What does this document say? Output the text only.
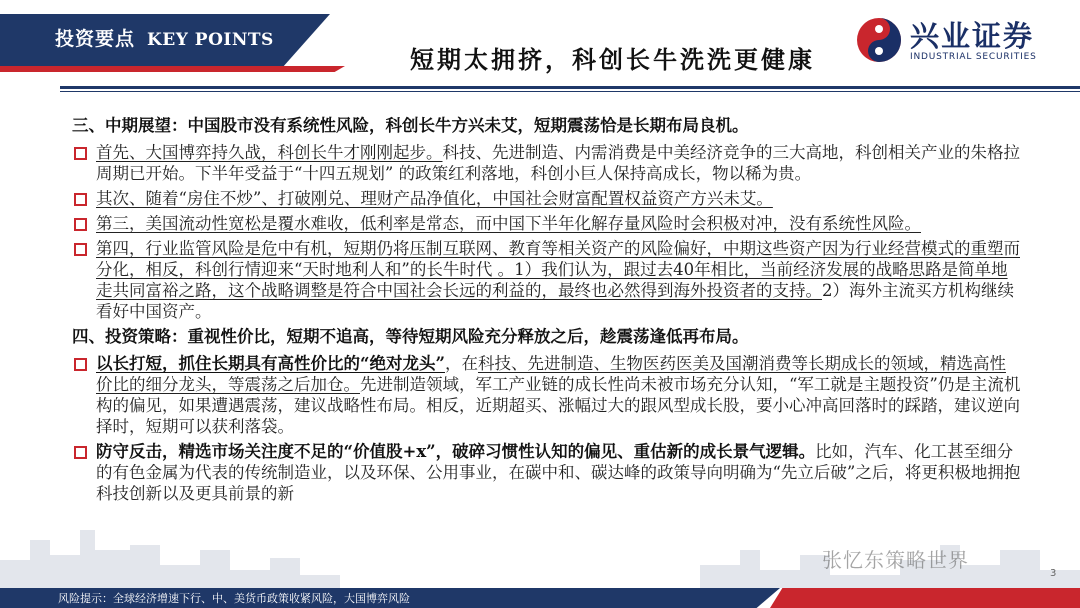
投资要点 KEY POINTS
短期太拥挤，科创长牛洗洗更健康
兴业证券
INDUSTRIAL SECURITIES
三、中期展望：中国股市没有系统性风险，科创长牛方兴未艾，短期震荡恰是长期布局良机。
首先、大国博弈持久战，科创长牛才刚刚起步。科技、先进制造、内需消费是中美经济竞争的三大高地，科创相关产业的朱格拉周期已开始。下半年受益于“十四五规划” 的政策红利落地，科创小巨人保持高成长，物以稀为贵。
其次、随着“房住不炒”、打破刚兑、理财产品净值化，中国社会财富配置权益资产方兴未艾。
第三，美国流动性宽松是覆水难收，低利率是常态，而中国下半年化解存量风险时会积极对冲，没有系统性风险。
第四，行业监管风险是危中有机，短期仍将压制互联网、教育等相关资产的风险偏好，中期这些资产因为行业经营模式的重塑而分化，相反，科创行情迎来“天时地利人和”的长牛时代 。1）我们认为，跟过去40年相比，当前经济发展的战略思路是简单地走共同富裕之路，这个战略调整是符合中国社会长远的利益的，最终也必然得到海外投资者的支持。2）海外主流买方机构继续看好中国资产。
四、投资策略：重视性价比，短期不追高，等待短期风险充分释放之后，趁震荡逢低再布局。
以长打短，抓住长期具有高性价比的“绝对龙头”，在科技、先进制造、生物医药医美及国潮消费等长期成长的领域，精选高性价比的细分龙头，等震荡之后加仓。先进制造领域，军工产业链的成长性尚未被市场充分认知，“军工就是主题投资”仍是主流机构的偏见，如果遭遇震荡，建议战略性布局。相反，近期超买、涨幅过大的跟风型成长股，要小心冲高回落时的踩踏，建议逆向择时，短期可以获利落袋。
防守反击，精选市场关注度不足的“价值股+x”，破碎习惯性认知的偏见、重估新的成长景气逻辑。比如，汽车、化工甚至细分的有色金属为代表的传统制造业，以及环保、公用事业，在碳中和、碳达峰的政策导向明确为“先立后破”之后，将更积极地拥抱科技创新以及更具前景的新
张忆东策略世界
3
风险提示：全球经济增速下行、中、美货币政策收紧风险，大国博弈风险
